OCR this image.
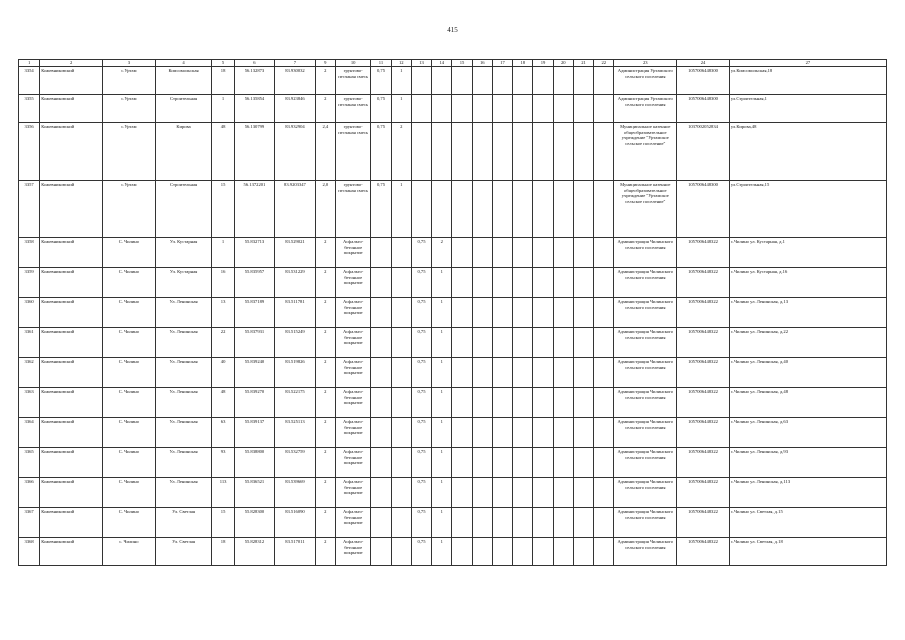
415
1	2	3	4	5	6	7	9	10	11	12	13	14	15	16	17	18	19	20	21	22	23	24	27
3354	Кожевниковский	с.Уртам	Комсомольская	18	56.132873	83.930032	2	грунтово-песчаная смесь	0,75	1											Администрация Уртамского сельского поселения	1057006448300	ул.Комсомольская,18
3355	Кожевниковский	с.Уртам	Строительная	1	56.135854	83.923846	2	грунтово-песчаная смесь	0,75	1											Администрация Уртамского сельского поселения	1057006448300	ул.Строительная,1
3356	Кожевниковский	с.Уртам	Кирова	48	56.130799	83.932904	2,4	грунтово-песчаная смесь	0,75	2											Муниципальное казенное общеобразовательное учреждение "Уртамское сельское поселение"	1037002052834	ул.Кирова,48
3357	Кожевниковский	с.Уртам	Строительная	15	56.1372201	83.9203347	2,0	грунтово-песчаная смесь	0,75	1											Муниципальное казенное общеобразовательное учреждение "Уртамское сельское поселение"	1057006448300	ул.Строительная,15
3358	Кожевниковский	С. Чилино	Ул. Кустарная	1	55.832713	83.529021	2	Асфальто-бетонное покрытие			0,75	2									Администрация Чилинского сельского поселения	1057006448322	с.Чилино ул. Кустарная, д.1
3359	Кожевниковский	С. Чилино	Ул. Кустарная	16	55.835957	83.531229	2	Асфальто-бетонное покрытие			0,75	1									Администрация Чилинского сельского поселения	1057006448322	с.Чилино ул. Кустарная, д.16
3360	Кожевниковский	С. Чилино	Ул. Ленинская	13	55.837189	83.511781	2	Асфальто-бетонное покрытие			0,75	1									Администрация Чилинского сельского поселения	1057006448322	с.Чилино ул. Ленинская, д.13
3361	Кожевниковский	С. Чилино	Ул. Ленинская	22	55.837931	83.515249	2	Асфальто-бетонное покрытие			0,75	1									Администрация Чилинского сельского поселения	1057006448322	с.Чилино ул. Ленинская, д.22
3362	Кожевниковский	С. Чилино	Ул. Ленинская	40	55.839240	83.519826	2	Асфальто-бетонное покрытие			0,75	1									Администрация Чилинского сельского поселения	1057006448322	с.Чилино ул. Ленинская, д.40
3363	Кожевниковский	С. Чилино	Ул. Ленинская	48	55.839270	83.522175	2	Асфальто-бетонное покрытие			0,75	1									Администрация Чилинского сельского поселения	1057006448322	с.Чилино ул. Ленинская, д.48
3364	Кожевниковский	С. Чилино	Ул. Ленинская	63	55.839137	83.525113	2	Асфальто-бетонное покрытие			0,75	1									Администрация Чилинского сельского поселения	1057006448322	с.Чилино ул. Ленинская, д.63
3365	Кожевниковский	С. Чилино	Ул. Ленинская	93	55.838800	83.532759	2	Асфальто-бетонное покрытие			0,75	1									Администрация Чилинского сельского поселения	1057006448322	с.Чилино ул. Ленинская, д.93
3366	Кожевниковский	С. Чилино	Ул. Ленинская	113	55.836521	83.539669	2	Асфальто-бетонное покрытие			0,75	1									Администрация Чилинского сельского поселения	1057006448322	с.Чилино ул. Ленинская, д.113
3367	Кожевниковский	С. Чилино	Ул. Светлая	15	55.828300	83.516090	2	Асфальто-бетонное покрытие			0,75	1									Администрация Чилинского сельского поселения	1057006448322	с.Чилино ул. Светлая, д.15
3368	Кожевниковский	с. Чилино	Ул. Светлая	18	55.828312	83.517011	2	Асфальто-бетонное покрытие			0,75	1									Администрация Чилинского сельского поселения	1057006448322	с.Чилино ул. Светлая, д.18
